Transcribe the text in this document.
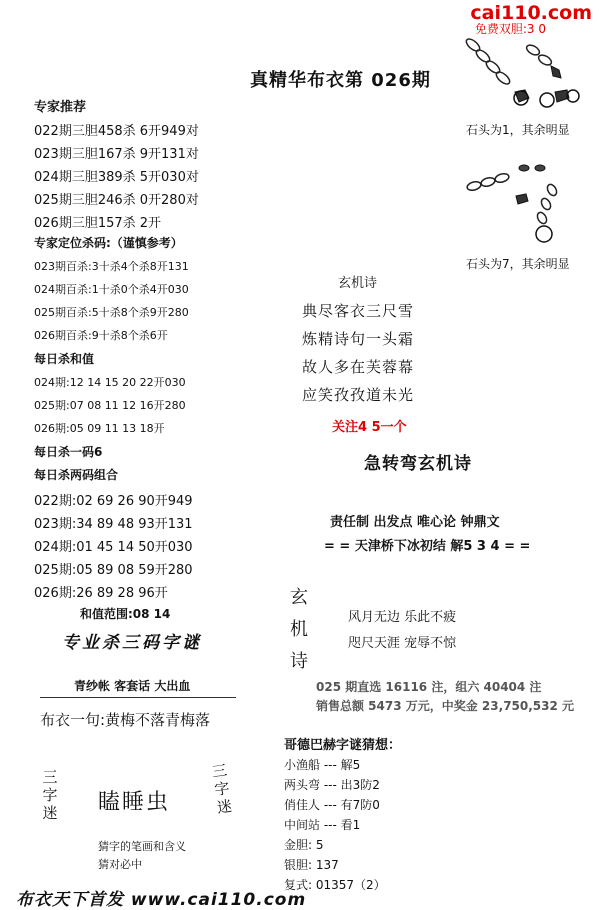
cai110.com
免费双胆:3 0
真精华布衣第 026期
专家推荐
022期三胆458杀 6开949对
023期三胆167杀 9开131对
024期三胆389杀 5开030对
025期三胆246杀 0开280对
026期三胆157杀 2开
专家定位杀码:（谨慎参考）
023期百杀:3十杀4个杀8开131
024期百杀:1十杀0个杀4开030
025期百杀:5十杀8个杀9开280
026期百杀:9十杀8个杀6开
每日杀和值
024期:12 14 15 20 22开030
025期:07 08 11 12 16开280
026期:05 09 11 13 18开
每日杀一码6
每日杀两码组合
022期:02 69 26 90开949
023期:34 89 48 93开131
024期:01 45 14 50开030
025期:05 89 08 59开280
026期:26 89 28 96开
和值范围:08 14
专业杀三码字谜
青纱帐 客套话 大出血
布衣一句:黄梅不落青梅落
三字迷 瞌睡虫
三字迷
猜字的笔画和含义
猜对必中
石头为1，其余明显
石头为7，其余明显
玄机诗
典尽客衣三尺雪
炼精诗句一头霜
故人多在芙蓉幕
应笑孜孜道未光
关注4 5一个
急转弯玄机诗
责任制 出发点 唯心论 钟鼎文
= = 天津桥下冰初结 解5 3 4 = =
玄机诗
风月无边 乐此不疲
咫尺天涯 宠辱不惊
025 期直选 16116 注，组六 40404 注
销售总额 5473 万元，中奖金 23,750,532 元
哥德巴赫字谜猜想：
小渔船 --- 解5
两头弯 --- 出3防2
俏佳人 --- 有7防0
中间站 --- 看1
金胆: 5
银胆: 137
复式: 01357（2）
布衣天下首发 www.cai110.com
